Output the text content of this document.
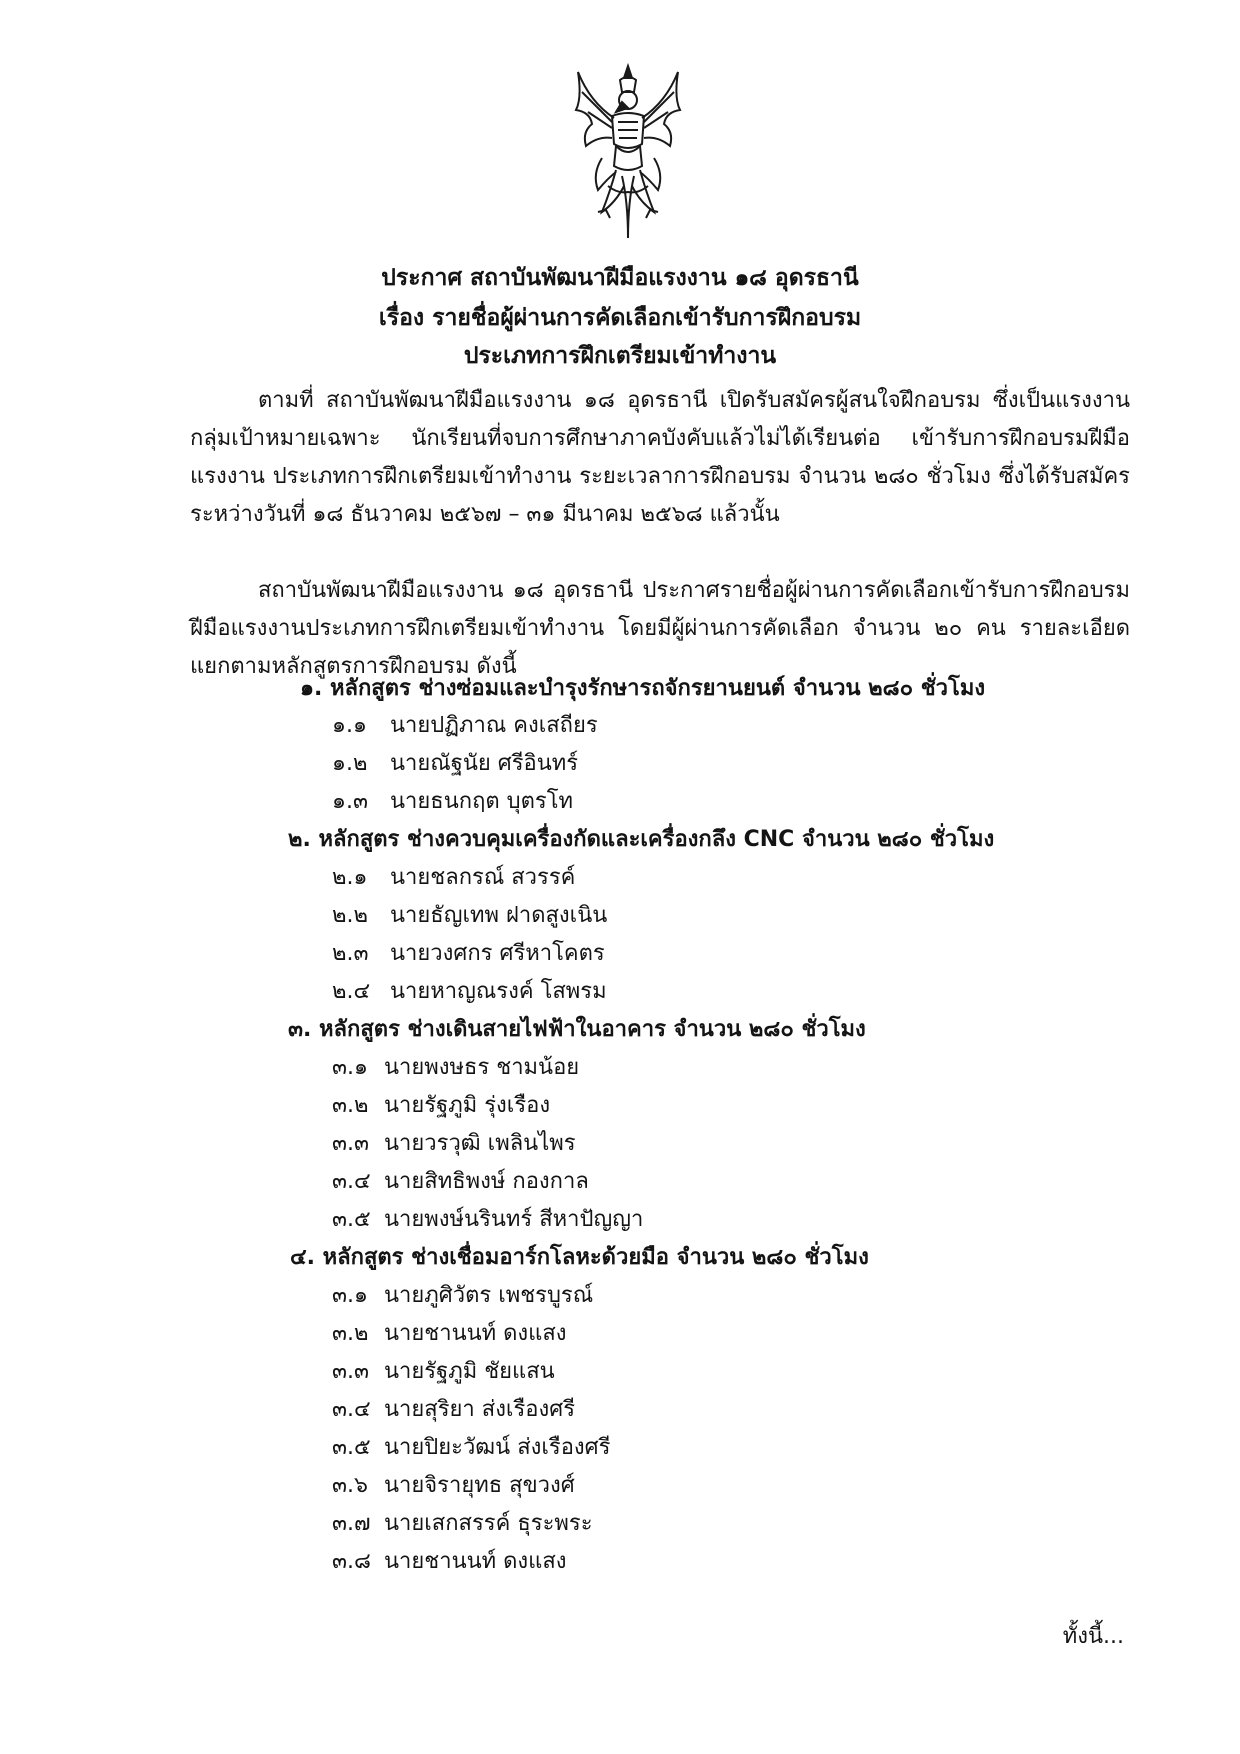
ประกาศ สถาบันพัฒนาฝีมือแรงงาน ๑๘ อุดรธานี
เรื่อง รายชื่อผู้ผ่านการคัดเลือกเข้ารับการฝึกอบรม
ประเภทการฝึกเตรียมเข้าทำงาน

ตามที่ สถาบันพัฒนาฝีมือแรงงาน ๑๘ อุดรธานี เปิดรับสมัครผู้สนใจฝึกอบรม ซึ่งเป็นแรงงานกลุ่มเป้าหมายเฉพาะ นักเรียนที่จบการศึกษาภาคบังคับแล้วไม่ได้เรียนต่อ เข้ารับการฝึกอบรมฝีมือแรงงาน ประเภทการฝึกเตรียมเข้าทำงาน ระยะเวลาการฝึกอบรม จำนวน ๒๘๐ ชั่วโมง ซึ่งได้รับสมัครระหว่างวันที่ ๑๘ ธันวาคม ๒๕๖๗ – ๓๑ มีนาคม ๒๕๖๘ แล้วนั้น

สถาบันพัฒนาฝีมือแรงงาน ๑๘ อุดรธานี ประกาศรายชื่อผู้ผ่านการคัดเลือกเข้ารับการฝึกอบรมฝีมือแรงงานประเภทการฝึกเตรียมเข้าทำงาน โดยมีผู้ผ่านการคัดเลือก จำนวน ๒๐ คน รายละเอียดแยกตามหลักสูตรการฝึกอบรม ดังนี้

๑. หลักสูตร ช่างซ่อมและบำรุงรักษารถจักรยานยนต์ จำนวน ๒๘๐ ชั่วโมง
๑.๑ นายปฏิภาณ คงเสถียร
๑.๒ นายณัฐนัย ศรีอินทร์
๑.๓ นายธนกฤต บุตรโท
๒. หลักสูตร ช่างควบคุมเครื่องกัดและเครื่องกลึง CNC จำนวน ๒๘๐ ชั่วโมง
๒.๑ นายชลกรณ์ สวรรค์
๒.๒ นายธัญเทพ ฝาดสูงเนิน
๒.๓ นายวงศกร ศรีหาโคตร
๒.๔ นายหาญณรงค์ โสพรม
๓. หลักสูตร ช่างเดินสายไฟฟ้าในอาคาร จำนวน ๒๘๐ ชั่วโมง
๓.๑ นายพงษธร ชามน้อย
๓.๒ นายรัฐภูมิ รุ่งเรือง
๓.๓ นายวรวุฒิ เพลินไพร
๓.๔ นายสิทธิพงษ์ กองกาล
๓.๕ นายพงษ์นรินทร์ สีหาปัญญา
๔. หลักสูตร ช่างเชื่อมอาร์กโลหะด้วยมือ จำนวน ๒๘๐ ชั่วโมง
๓.๑ นายภูศิวัตร เพชรบูรณ์
๓.๒ นายชานนท์ ดงแสง
๓.๓ นายรัฐภูมิ ชัยแสน
๓.๔ นายสุริยา ส่งเรืองศรี
๓.๕ นายปิยะวัฒน์ ส่งเรืองศรี
๓.๖ นายจิรายุทธ สุขวงศ์
๓.๗ นายเสกสรรค์ ธุระพระ
๓.๘ นายชานนท์ ดงแสง
ทั้งนี้...
